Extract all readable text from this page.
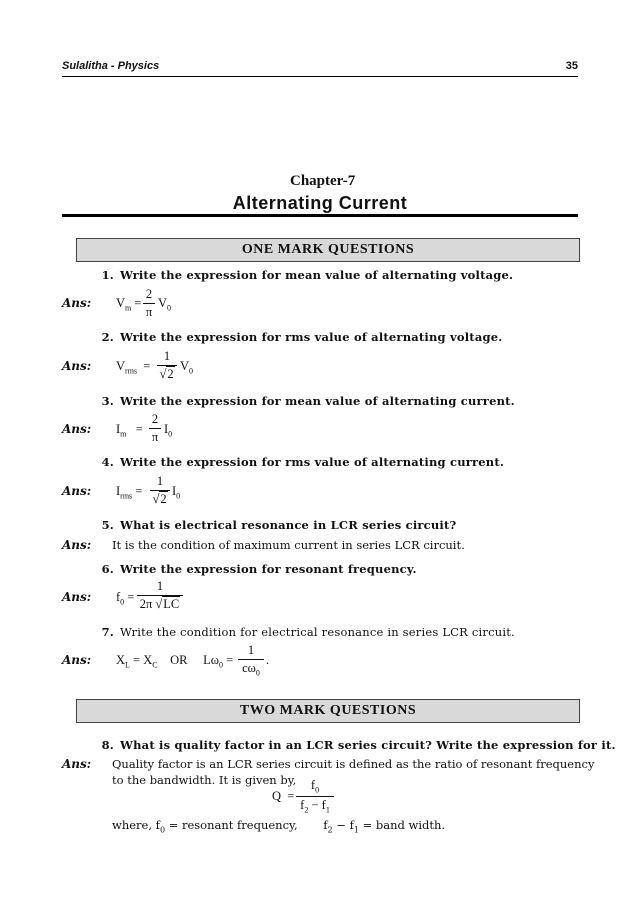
Sulalitha - Physics	35
Chapter-7
Alternating Current
ONE MARK QUESTIONS
1. Write the expression for mean value of alternating voltage.
Ans: $V_m$ =
2
π
$V_0$
2. Write the expression for rms value of alternating voltage.
Ans: $V_{rms}$  =
1
√2
$V_0$
3. Write the expression for mean value of alternating current.
Ans: $I_m$   =
2
π
$I_0$
4. Write the expression for rms value of alternating current.
Ans: $I_{rms}$ =
1
√2
$I_0$
5. What is electrical resonance in LCR series circuit?
Ans: It is the condition of maximum current in series LCR circuit.
6. Write the expression for resonant frequency.
Ans: $f_0$ =
1
2π √LC
7. Write the condition for electrical resonance in series LCR circuit.
Ans: $X_L = X_C$ OR     $L\omega_0$ =
1
$c\omega_0$
.
TWO MARK QUESTIONS
8. What is quality factor in an LCR series circuit? Write the expression for it.
Ans: Quality factor is an LCR series circuit is defined as the ratio of resonant frequency
to the bandwidth. It is given by,
Q  =
$f_0$
$f_2 - f_1$
where, $f_0$ = resonant frequency,       $f_2 - f_1$ = band width.
